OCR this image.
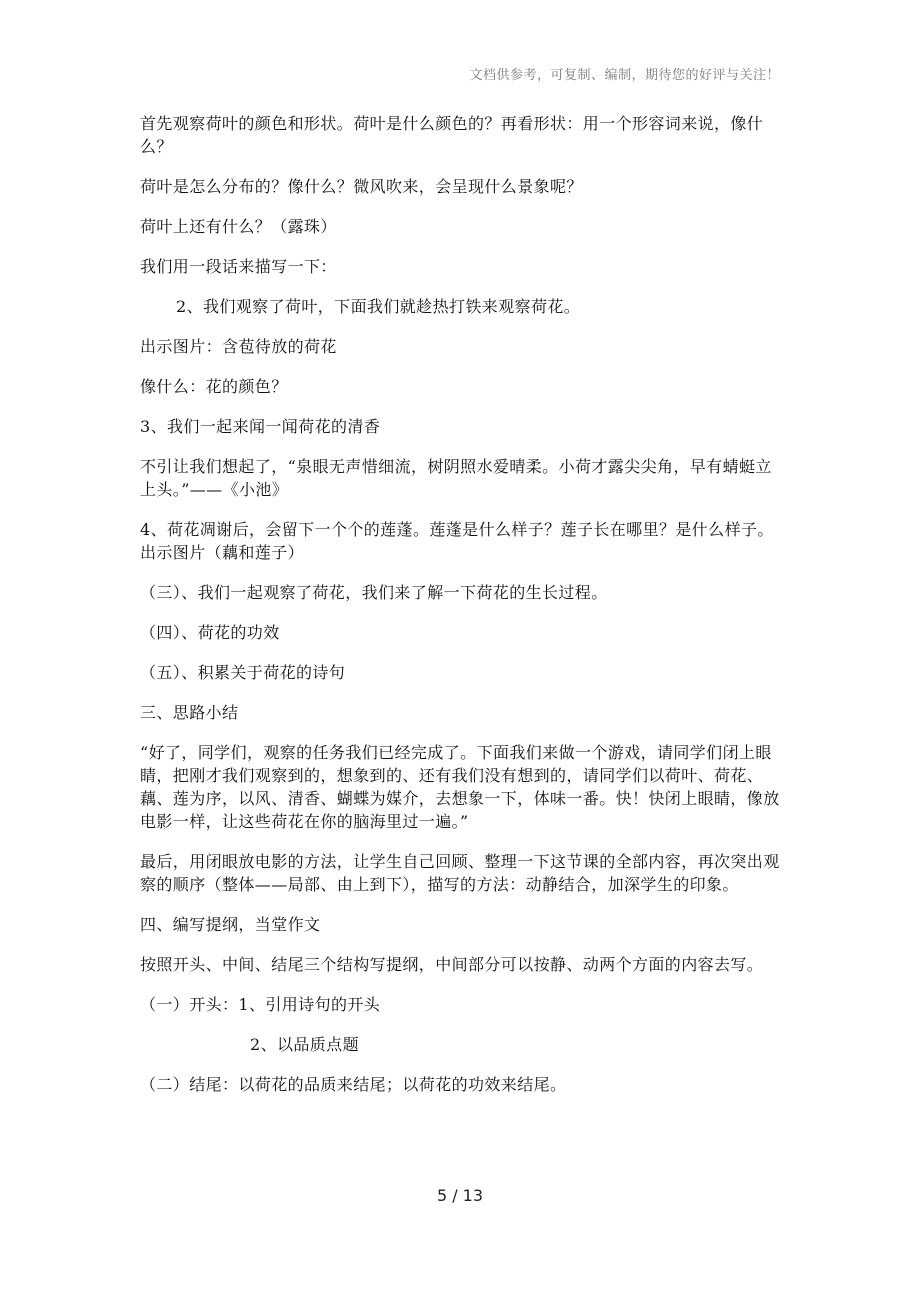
文档供参考，可复制、编制，期待您的好评与关注！

首先观察荷叶的颜色和形状。荷叶是什么颜色的？再看形状：用一个形容词来说，像什么？

荷叶是怎么分布的？像什么？微风吹来，会呈现什么景象呢？

荷叶上还有什么？（露珠）

我们用一段话来描写一下：

2、我们观察了荷叶，下面我们就趁热打铁来观察荷花。

出示图片：含苞待放的荷花

像什么：花的颜色？

3、我们一起来闻一闻荷花的清香

不引让我们想起了，“泉眼无声惜细流，树阴照水爱晴柔。小荷才露尖尖角，早有蜻蜓立上头。”——《小池》

4、荷花凋谢后，会留下一个个的莲蓬。莲蓬是什么样子？莲子长在哪里？是什么样子。出示图片（藕和莲子）

（三）、我们一起观察了荷花，我们来了解一下荷花的生长过程。

（四）、荷花的功效

（五）、积累关于荷花的诗句

三、思路小结

“好了，同学们，观察的任务我们已经完成了。下面我们来做一个游戏，请同学们闭上眼睛，把刚才我们观察到的，想象到的、还有我们没有想到的，请同学们以荷叶、荷花、藕、莲为序，以风、清香、蝴蝶为媒介，去想象一下，体味一番。快！快闭上眼睛，像放电影一样，让这些荷花在你的脑海里过一遍。”

最后，用闭眼放电影的方法，让学生自己回顾、整理一下这节课的全部内容，再次突出观察的顺序（整体——局部、由上到下），描写的方法：动静结合，加深学生的印象。

四、编写提纲，当堂作文

按照开头、中间、结尾三个结构写提纲，中间部分可以按静、动两个方面的内容去写。

（一）开头：1、引用诗句的开头

2、以品质点题

（二）结尾：以荷花的品质来结尾；以荷花的功效来结尾。

5 / 13
